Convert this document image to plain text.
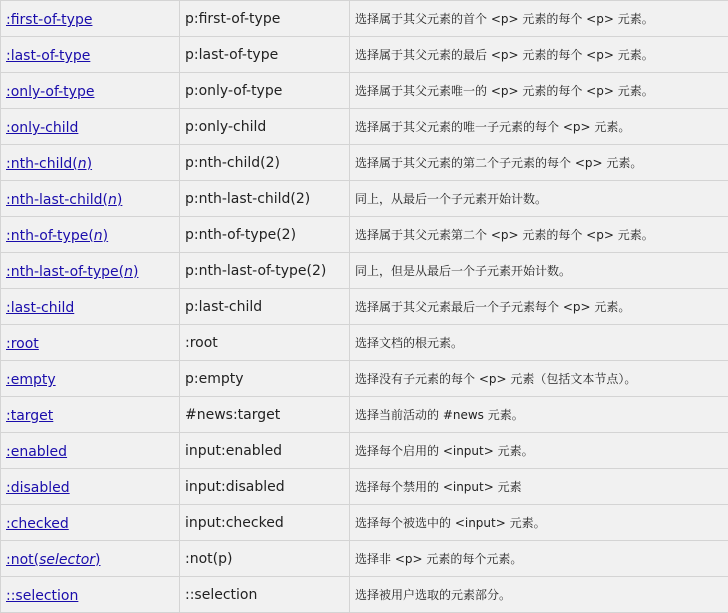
:first-of-type	p:first-of-type	选择属于其父元素的首个 <p> 元素的每个 <p> 元素。
:last-of-type	p:last-of-type	选择属于其父元素的最后 <p> 元素的每个 <p> 元素。
:only-of-type	p:only-of-type	选择属于其父元素唯一的 <p> 元素的每个 <p> 元素。
:only-child	p:only-child	选择属于其父元素的唯一子元素的每个 <p> 元素。
:nth-child(n)	p:nth-child(2)	选择属于其父元素的第二个子元素的每个 <p> 元素。
:nth-last-child(n)	p:nth-last-child(2)	同上，从最后一个子元素开始计数。
:nth-of-type(n)	p:nth-of-type(2)	选择属于其父元素第二个 <p> 元素的每个 <p> 元素。
:nth-last-of-type(n)	p:nth-last-of-type(2)	同上，但是从最后一个子元素开始计数。
:last-child	p:last-child	选择属于其父元素最后一个子元素每个 <p> 元素。
:root	:root	选择文档的根元素。
:empty	p:empty	选择没有子元素的每个 <p> 元素（包括文本节点）。
:target	#news:target	选择当前活动的 #news 元素。
:enabled	input:enabled	选择每个启用的 <input> 元素。
:disabled	input:disabled	选择每个禁用的 <input> 元素
:checked	input:checked	选择每个被选中的 <input> 元素。
:not(selector)	:not(p)	选择非 <p> 元素的每个元素。
::selection	::selection	选择被用户选取的元素部分。
